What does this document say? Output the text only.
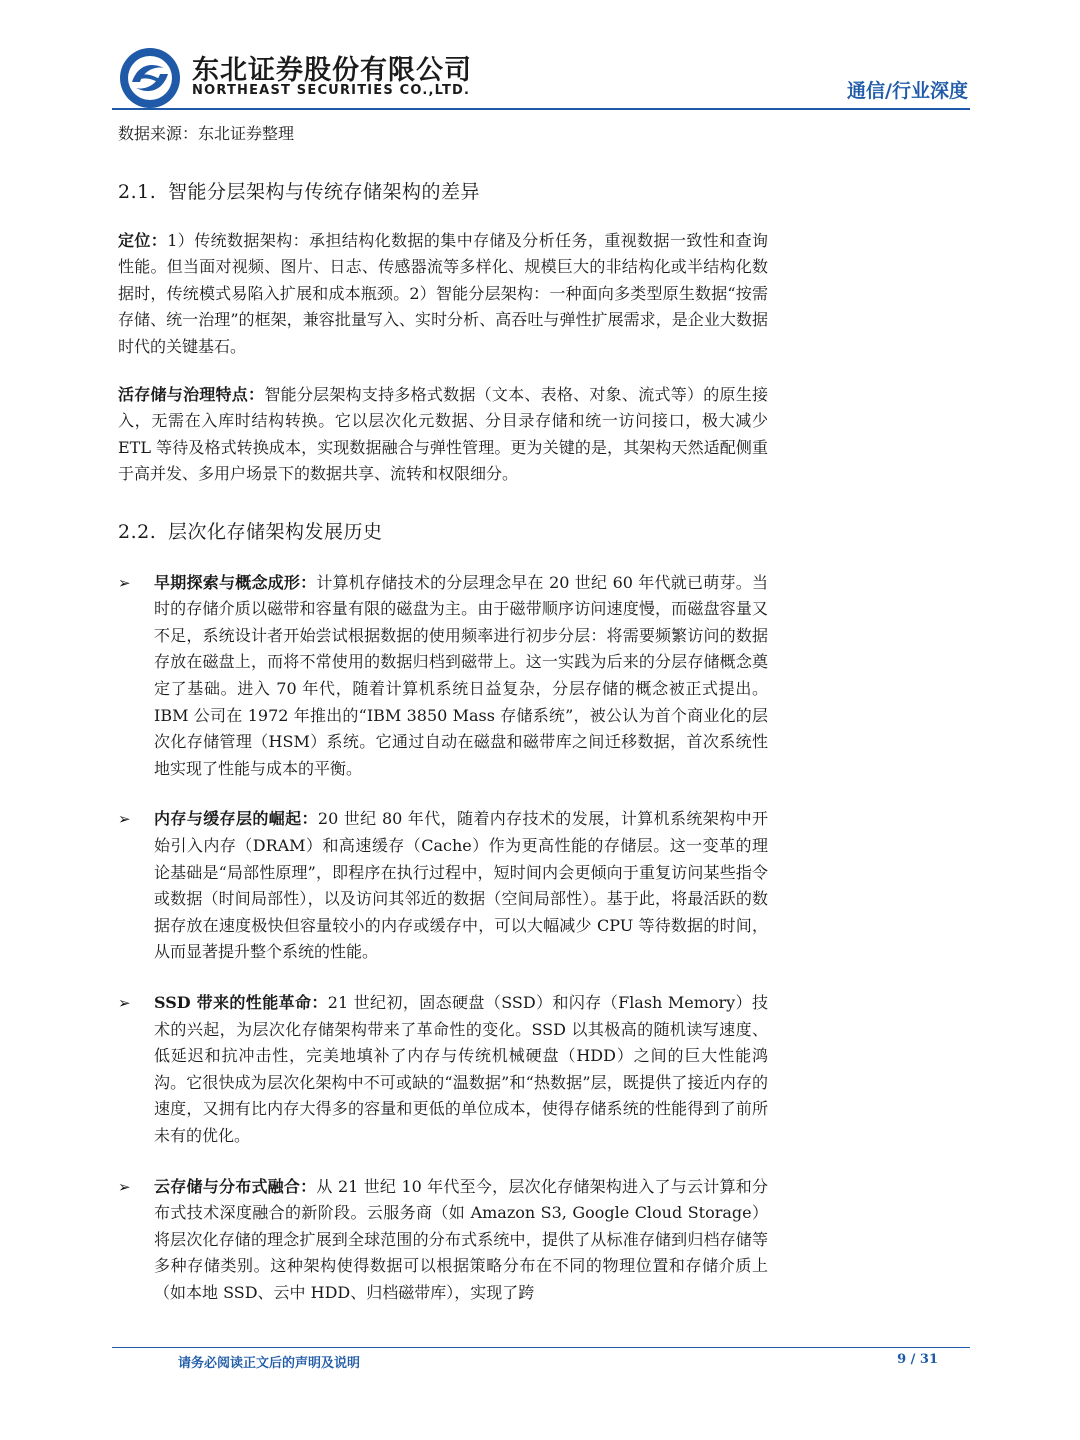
东北证券股份有限公司
NORTHEAST SECURITIES CO.,LTD.	通信/行业深度
数据来源：东北证券整理
2.1. 智能分层架构与传统存储架构的差异
定位：1）传统数据架构：承担结构化数据的集中存储及分析任务，重视数据一致性和查询性能。但当面对视频、图片、日志、传感器流等多样化、规模巨大的非结构化或半结构化数据时，传统模式易陷入扩展和成本瓶颈。2）智能分层架构：一种面向多类型原生数据“按需存储、统一治理”的框架，兼容批量写入、实时分析、高吞吐与弹性扩展需求，是企业大数据时代的关键基石。
活存储与治理特点：智能分层架构支持多格式数据（文本、表格、对象、流式等）的原生接入，无需在入库时结构转换。它以层次化元数据、分目录存储和统一访问接口，极大减少 ETL 等待及格式转换成本，实现数据融合与弹性管理。更为关键的是，其架构天然适配侧重于高并发、多用户场景下的数据共享、流转和权限细分。
2.2. 层次化存储架构发展历史
➢	早期探索与概念成形：计算机存储技术的分层理念早在 20 世纪 60 年代就已萌芽。当时的存储介质以磁带和容量有限的磁盘为主。由于磁带顺序访问速度慢，而磁盘容量又不足，系统设计者开始尝试根据数据的使用频率进行初步分层：将需要频繁访问的数据存放在磁盘上，而将不常使用的数据归档到磁带上。这一实践为后来的分层存储概念奠定了基础。进入 70 年代，随着计算机系统日益复杂，分层存储的概念被正式提出。IBM 公司在 1972 年推出的“IBM 3850 Mass 存储系统”，被公认为首个商业化的层次化存储管理（HSM）系统。它通过自动在磁盘和磁带库之间迁移数据，首次系统性地实现了性能与成本的平衡。
➢	内存与缓存层的崛起：20 世纪 80 年代，随着内存技术的发展，计算机系统架构中开始引入内存（DRAM）和高速缓存（Cache）作为更高性能的存储层。这一变革的理论基础是“局部性原理”，即程序在执行过程中，短时间内会更倾向于重复访问某些指令或数据（时间局部性），以及访问其邻近的数据（空间局部性）。基于此，将最活跃的数据存放在速度极快但容量较小的内存或缓存中，可以大幅减少 CPU 等待数据的时间，从而显著提升整个系统的性能。
➢	SSD 带来的性能革命：21 世纪初，固态硬盘（SSD）和闪存（Flash Memory）技术的兴起，为层次化存储架构带来了革命性的变化。SSD 以其极高的随机读写速度、低延迟和抗冲击性，完美地填补了内存与传统机械硬盘（HDD）之间的巨大性能鸿沟。它很快成为层次化架构中不可或缺的“温数据”和“热数据”层，既提供了接近内存的速度，又拥有比内存大得多的容量和更低的单位成本，使得存储系统的性能得到了前所未有的优化。
➢	云存储与分布式融合：从 21 世纪 10 年代至今，层次化存储架构进入了与云计算和分布式技术深度融合的新阶段。云服务商（如 Amazon S3, Google Cloud Storage）将层次化存储的理念扩展到全球范围的分布式系统中，提供了从标准存储到归档存储等多种存储类别。这种架构使得数据可以根据策略分布在不同的物理位置和存储介质上（如本地 SSD、云中 HDD、归档磁带库），实现了跨
请务必阅读正文后的声明及说明	9 / 31
